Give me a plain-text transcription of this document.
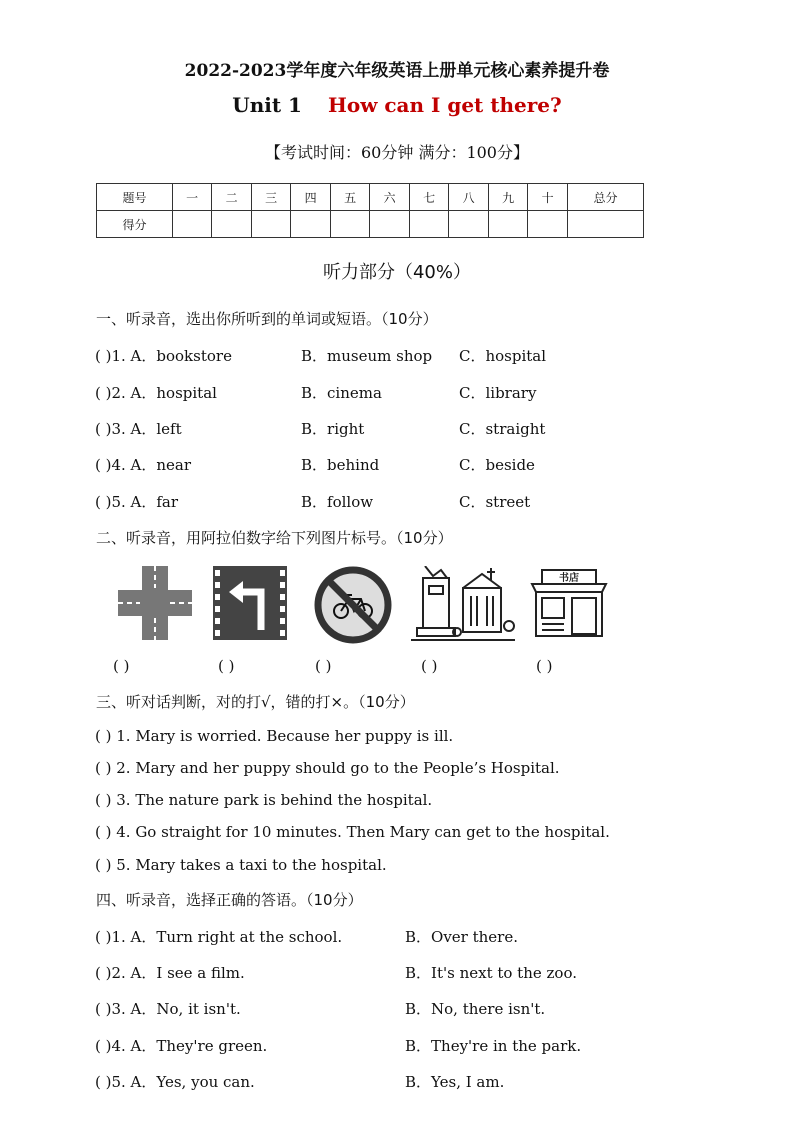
2022-2023学年度六年级英语上册单元核心素养提升卷
Unit 1 How can I get there?
【考试时间：60分钟 满分：100分】
题号	一	二	三	四	五	六	七	八	九	十	总分
得分											
听力部分（40%）
一、听录音，选出你所听到的单词或短语。（10分）
( )1. A．bookstore	B．museum shop C．hospital
( )2. A．hospital	B．cinema	C．library
( )3. A．left	B．right	C．straight
( )4. A．near	B．behind	C．beside
( )5. A．far	B．follow	C．street
二、听录音，用阿拉伯数字给下列图片标号。（10分）
书店
( )	( )	( )	( )	( )
三、听对话判断，对的打√，错的打×。（10分）
( ) 1. Mary is worried. Because her puppy is ill.
( ) 2. Mary and her puppy should go to the People’s Hospital.
( ) 3. The nature park is behind the hospital.
( ) 4. Go straight for 10 minutes. Then Mary can get to the hospital.
( ) 5. Mary takes a taxi to the hospital.
四、听录音，选择正确的答语。（10分）
( )1. A．Turn right at the school.	B．Over there.
( )2. A．I see a film.	B．It's next to the zoo.
( )3. A．No, it isn't.	B．No, there isn't.
( )4. A．They're green.	B．They're in the park.
( )5. A．Yes, you can.	B．Yes, I am.
